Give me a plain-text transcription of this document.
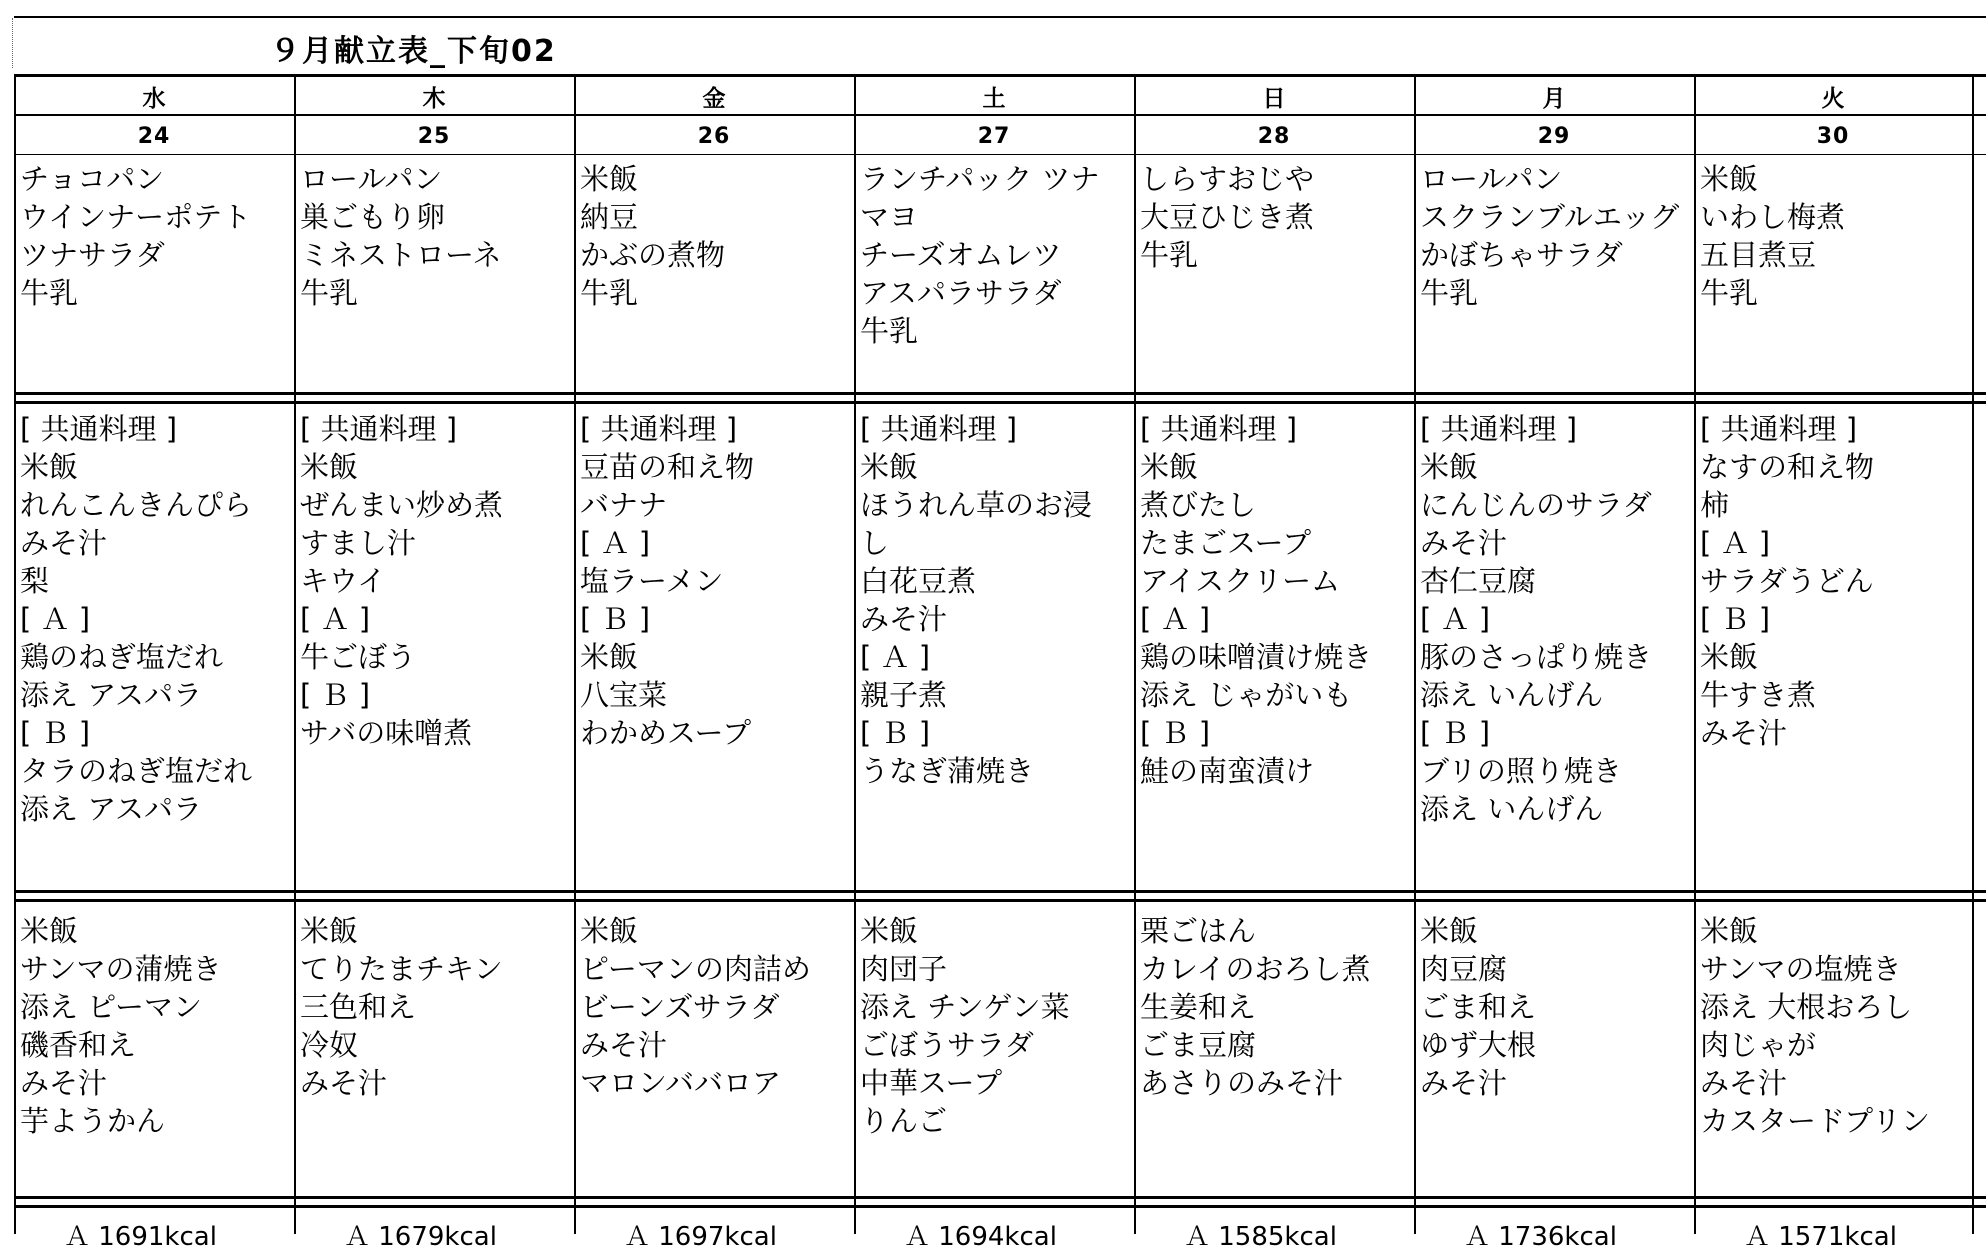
９月献立表_下旬02
水
24
チョコパン
ウインナーポテト
ツナサラダ
牛乳
[ 共通料理 ]
米飯
れんこんきんぴら
みそ汁
梨
[ Ａ ]
鶏のねぎ塩だれ
添え アスパラ
[ Ｂ ]
タラのねぎ塩だれ
添え アスパラ
米飯
サンマの蒲焼き
添え ピーマン
磯香和え
みそ汁
芋ようかん
Ａ 1691kcal
木
25
ロールパン
巣ごもり卵
ミネストローネ
牛乳
[ 共通料理 ]
米飯
ぜんまい炒め煮
すまし汁
キウイ
[ Ａ ]
牛ごぼう
[ Ｂ ]
サバの味噌煮
米飯
てりたまチキン
三色和え
冷奴
みそ汁
Ａ 1679kcal
金
26
米飯
納豆
かぶの煮物
牛乳
[ 共通料理 ]
豆苗の和え物
バナナ
[ Ａ ]
塩ラーメン
[ Ｂ ]
米飯
八宝菜
わかめスープ
米飯
ピーマンの肉詰め
ビーンズサラダ
みそ汁
マロンババロア
Ａ 1697kcal
土
27
ランチパック ツナ
マヨ
チーズオムレツ
アスパラサラダ
牛乳
[ 共通料理 ]
米飯
ほうれん草のお浸
し
白花豆煮
みそ汁
[ Ａ ]
親子煮
[ Ｂ ]
うなぎ蒲焼き
米飯
肉団子
添え チンゲン菜
ごぼうサラダ
中華スープ
りんご
Ａ 1694kcal
日
28
しらすおじや
大豆ひじき煮
牛乳
[ 共通料理 ]
米飯
煮びたし
たまごスープ
アイスクリーム
[ Ａ ]
鶏の味噌漬け焼き
添え じゃがいも
[ Ｂ ]
鮭の南蛮漬け
栗ごはん
カレイのおろし煮
生姜和え
ごま豆腐
あさりのみそ汁
Ａ 1585kcal
月
29
ロールパン
スクランブルエッグ
かぼちゃサラダ
牛乳
[ 共通料理 ]
米飯
にんじんのサラダ
みそ汁
杏仁豆腐
[ Ａ ]
豚のさっぱり焼き
添え いんげん
[ Ｂ ]
ブリの照り焼き
添え いんげん
米飯
肉豆腐
ごま和え
ゆず大根
みそ汁
Ａ 1736kcal
火
30
米飯
いわし梅煮
五目煮豆
牛乳
[ 共通料理 ]
なすの和え物
柿
[ Ａ ]
サラダうどん
[ Ｂ ]
米飯
牛すき煮
みそ汁
米飯
サンマの塩焼き
添え 大根おろし
肉じゃが
みそ汁
カスタードプリン
Ａ 1571kcal
